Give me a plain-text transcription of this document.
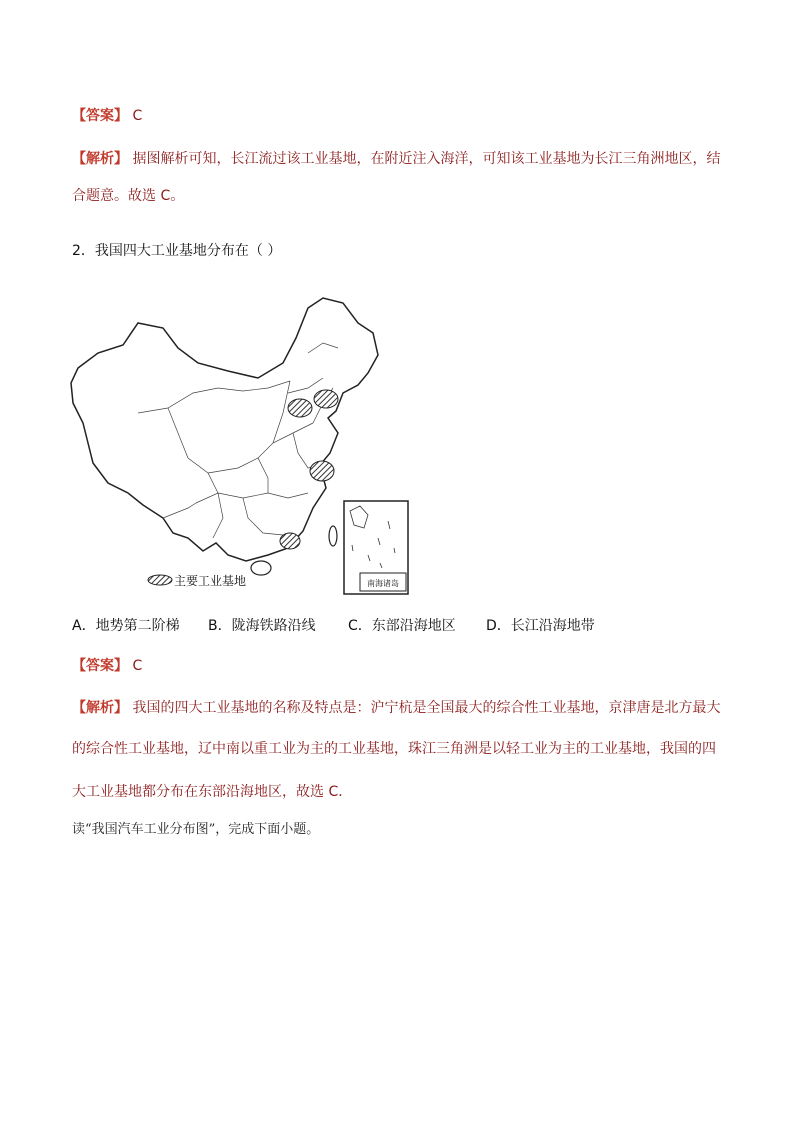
【答案】 C
【解析】 据图解析可知，长江流过该工业基地，在附近注入海洋，可知该工业基地为长江三角洲地区，结
合题意。故选 C。
2．我国四大工业基地分布在（ ）
南海诸岛
主要工业基地
A．地势第二阶梯	B．陇海铁路沿线	C．东部沿海地区	D．长江沿海地带
【答案】 C
【解析】 我国的四大工业基地的名称及特点是：沪宁杭是全国最大的综合性工业基地，京津唐是北方最大
的综合性工业基地，辽中南以重工业为主的工业基地，珠江三角洲是以轻工业为主的工业基地，我国的四
大工业基地都分布在东部沿海地区，故选 C．
读“我国汽车工业分布图”，完成下面小题。
